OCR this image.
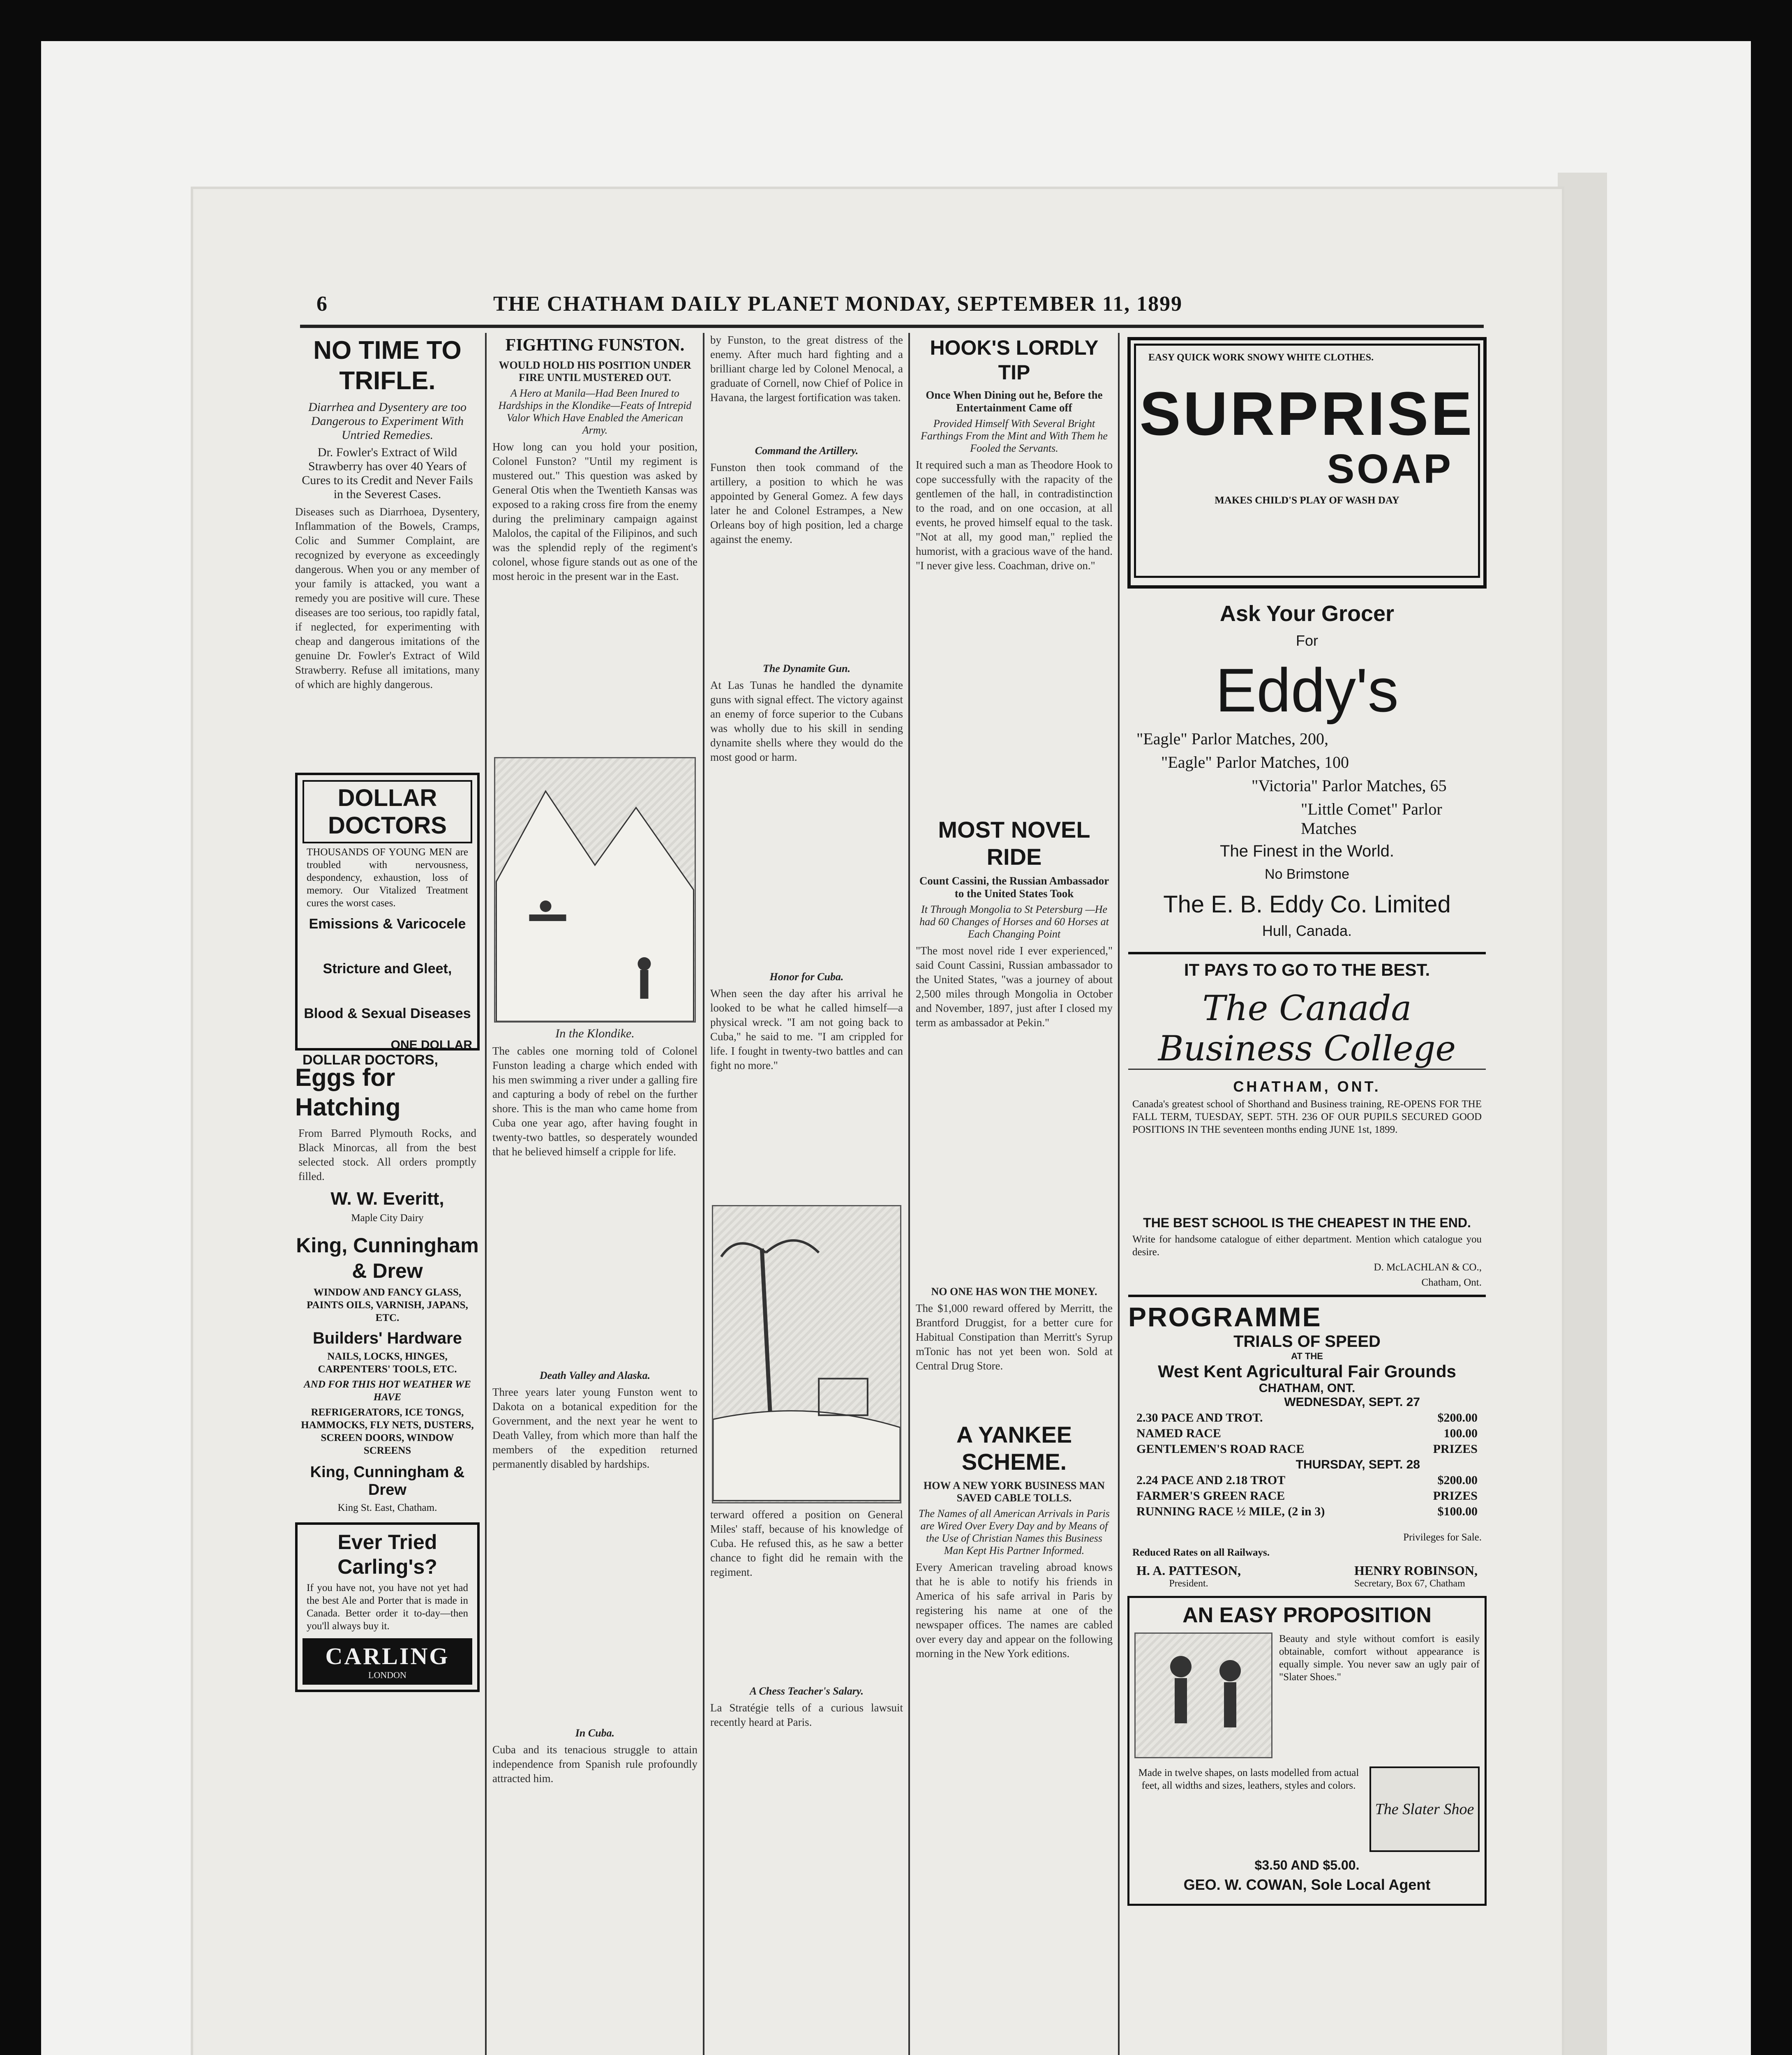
6	THE CHATHAM DAILY PLANET MONDAY, SEPTEMBER 11, 1899
NO TIME TO TRIFLE.
Diarrhea and Dysentery are too Dangerous to Experiment With Untried Remedies.
Dr. Fowler's Extract of Wild Strawberry has over 40 Years of Cures to its Credit and Never Fails in the Severest Cases.

Diseases such as Diarrhoea, Dysentery, Inflammation of the Bowels, Cramps, Colic and Summer Complaint, are recognized by everyone as exceedingly dangerous. When you or any member of your family is attacked, you want a remedy you are positive will cure. These diseases are too serious, too rapidly fatal, if neglected, for experimenting with cheap and dangerous imitations of the genuine Dr. Fowler's Extract of Wild Strawberry. Refuse all imitations, many of which are highly dangerous.

DOLLAR DOCTORS

THOUSANDS OF YOUNG MEN are troubled with nervousness, despondency, exhaustion, loss of memory. Our Vitalized Treatment cures the worst cases.

Emissions & Varicocele
Stricture and Gleet,
Blood & Sexual Diseases
ONE DOLLAR
DOLLAR DOCTORS,
Eggs for Hatching

From Barred Plymouth Rocks, and Black Minorcas, all from the best selected stock. All orders promptly filled.

W. W. Everitt,
Maple City Dairy
King, Cunningham & Drew
WINDOW AND FANCY GLASS, PAINTS OILS, VARNISH, JAPANS, ETC.
Builders' Hardware
NAILS, LOCKS, HINGES, CARPENTERS' TOOLS, ETC.
AND FOR THIS HOT WEATHER WE HAVE
REFRIGERATORS, ICE TONGS, HAMMOCKS, FLY NETS, DUSTERS, SCREEN DOORS, WINDOW SCREENS
King, Cunningham & Drew
King St. East, Chatham.
Ever Tried Carling's?

If you have not, you have not yet had the best Ale and Porter that is made in Canada. Better order it to-day—then you'll always buy it.

CARLING
LONDON
FIGHTING FUNSTON.
WOULD HOLD HIS POSITION UNDER FIRE UNTIL MUSTERED OUT.
A Hero at Manila—Had Been Inured to Hardships in the Klondike—Feats of Intrepid Valor Which Have Enabled the American Army.

How long can you hold your position, Colonel Funston? "Until my regiment is mustered out." This question was asked by General Otis when the Twentieth Kansas was exposed to a raking cross fire from the enemy during the preliminary campaign against Malolos, the capital of the Filipinos, and such was the splendid reply of the regiment's colonel, whose figure stands out as one of the most heroic in the present war in the East.

In the Klondike.

The cables one morning told of Colonel Funston leading a charge which ended with his men swimming a river under a galling fire and capturing a body of rebel on the further shore. This is the man who came home from Cuba one year ago, after having fought in twenty-two battles, so desperately wounded that he believed himself a cripple for life.

Death Valley and Alaska.

Three years later young Funston went to Dakota on a botanical expedition for the Government, and the next year he went to Death Valley, from which more than half the members of the expedition returned permanently disabled by hardships.

In Cuba.

Cuba and its tenacious struggle to attain independence from Spanish rule profoundly attracted him.

by Funston, to the great distress of the enemy. After much hard fighting and a brilliant charge led by Colonel Menocal, a graduate of Cornell, now Chief of Police in Havana, the largest fortification was taken.

Command the Artillery.

Funston then took command of the artillery, a position to which he was appointed by General Gomez. A few days later he and Colonel Estrampes, a New Orleans boy of high position, led a charge against the enemy.

The Dynamite Gun.

At Las Tunas he handled the dynamite guns with signal effect. The victory against an enemy of force superior to the Cubans was wholly due to his skill in sending dynamite shells where they would do the most good or harm.

Honor for Cuba.

When seen the day after his arrival he looked to be what he called himself—a physical wreck. "I am not going back to Cuba," he said to me. "I am crippled for life. I fought in twenty-two battles and can fight no more."

terward offered a position on General Miles' staff, because of his knowledge of Cuba. He refused this, as he saw a better chance to fight did he remain with the regiment.

A Chess Teacher's Salary.

La Stratégie tells of a curious lawsuit recently heard at Paris.

HOOK'S LORDLY TIP
Once When Dining out he, Before the Entertainment Came off
Provided Himself With Several Bright Farthings From the Mint and With Them he Fooled the Servants.

It required such a man as Theodore Hook to cope successfully with the rapacity of the gentlemen of the hall, in contradistinction to the road, and on one occasion, at all events, he proved himself equal to the task. "Not at all, my good man," replied the humorist, with a gracious wave of the hand. "I never give less. Coachman, drive on."

MOST NOVEL RIDE
Count Cassini, the Russian Ambassador to the United States Took
It Through Mongolia to St Petersburg —He had 60 Changes of Horses and 60 Horses at Each Changing Point

"The most novel ride I ever experienced," said Count Cassini, Russian ambassador to the United States, "was a journey of about 2,500 miles through Mongolia in October and November, 1897, just after I closed my term as ambassador at Pekin."

NO ONE HAS WON THE MONEY.

The $1,000 reward offered by Merritt, the Brantford Druggist, for a better cure for Habitual Constipation than Merritt's Syrup mTonic has not yet been won. Sold at Central Drug Store.

A YANKEE SCHEME.
HOW A NEW YORK BUSINESS MAN SAVED CABLE TOLLS.
The Names of all American Arrivals in Paris are Wired Over Every Day and by Means of the Use of Christian Names this Business Man Kept His Partner Informed.

Every American traveling abroad knows that he is able to notify his friends in America of his safe arrival in Paris by registering his name at one of the newspaper offices. The names are cabled over every day and appear on the following morning in the New York editions.

EASY QUICK WORK SNOWY WHITE CLOTHES.
SURPRISE
SOAP
MAKES CHILD'S PLAY OF WASH DAY
Ask Your Grocer
For
Eddy's
"Eagle" Parlor Matches, 200,
"Eagle" Parlor Matches, 100
"Victoria" Parlor Matches, 65
"Little Comet" Parlor Matches
The Finest in the World.
No Brimstone
The E. B. Eddy Co. Limited
Hull, Canada.
IT PAYS TO GO TO THE BEST.
The Canada Business College
CHATHAM, ONT.

Canada's greatest school of Shorthand and Business training, RE-OPENS FOR THE FALL TERM, TUESDAY, SEPT. 5TH. 236 OF OUR PUPILS SECURED GOOD POSITIONS IN THE seventeen months ending JUNE 1st, 1899.

THE BEST SCHOOL IS THE CHEAPEST IN THE END.

Write for handsome catalogue of either department. Mention which catalogue you desire.

D. McLACHLAN & CO.,
Chatham, Ont.
PROGRAMME
TRIALS OF SPEED
AT THE
West Kent Agricultural Fair Grounds
CHATHAM, ONT.
WEDNESDAY, SEPT. 27
2.30 PACE AND TROT.	$200.00
NAMED RACE	100.00
GENTLEMEN'S ROAD RACE	PRIZES
THURSDAY, SEPT. 28
2.24 PACE AND 2.18 TROT	$200.00
FARMER'S GREEN RACE	PRIZES
RUNNING RACE ½ MILE, (2 in 3)	$100.00
Privileges for Sale.
Reduced Rates on all Railways.
H. A. PATTESON,
President.
HENRY ROBINSON,
Secretary, Box 67, Chatham
AN EASY PROPOSITION

Beauty and style without comfort is easily obtainable, comfort without appearance is equally simple. You never saw an ugly pair of "Slater Shoes."

Made in twelve shapes, on lasts modelled from actual feet, all widths and sizes, leathers, styles and colors.

The Slater Shoe
$3.50 AND $5.00.
GEO. W. COWAN, Sole Local Agent
